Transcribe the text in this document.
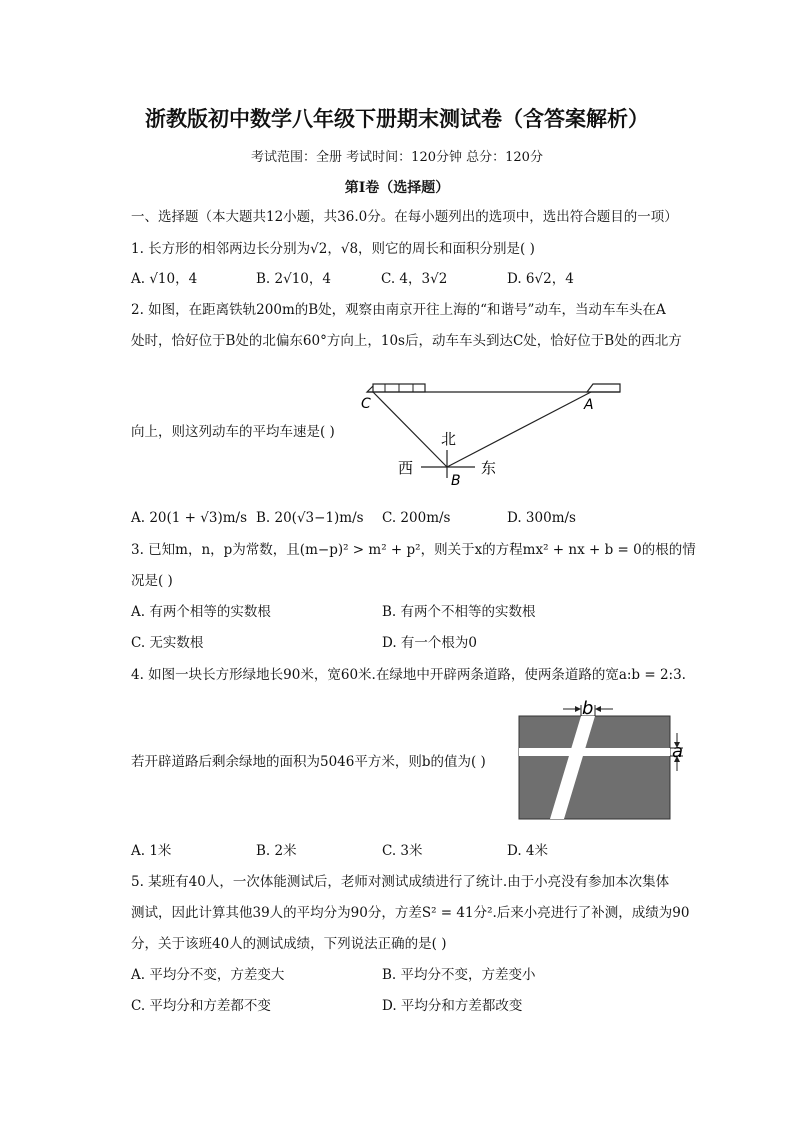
浙教版初中数学八年级下册期末测试卷（含答案解析）
考试范围：全册 考试时间：120分钟 总分：120分
第Ⅰ卷（选择题）
一、选择题（本大题共12小题，共36.0分。在每小题列出的选项中，选出符合题目的一项）
1. 长方形的相邻两边长分别为√2，√8，则它的周长和面积分别是( )
A. √10，4	B. 2√10，4	C. 4，3√2	D. 6√2，4
2. 如图，在距离铁轨200m的B处，观察由南京开往上海的“和谐号”动车，当动车车头在A
处时，恰好位于B处的北偏东60°方向上，10s后，动车车头到达C处，恰好位于B处的西北方
向上，则这列动车的平均车速是( )
C	A
B
北
西	东
A. 20(1 + √3)m/s B. 20(√3−1)m/s C. 200m/s	D. 300m/s
3. 已知m，n，p为常数，且(m−p)² > m² + p²，则关于x的方程mx² + nx + b = 0的根的情
况是( )
A. 有两个相等的实数根	B. 有两个不相等的实数根
C. 无实数根	D. 有一个根为0
4. 如图一块长方形绿地长90米，宽60米.在绿地中开辟两条道路，使两条道路的宽a:b = 2:3.
若开辟道路后剩余绿地的面积为5046平方米，则b的值为( )
b
a
A. 1米	B. 2米	C. 3米	D. 4米
5. 某班有40人，一次体能测试后，老师对测试成绩进行了统计.由于小亮没有参加本次集体
测试，因此计算其他39人的平均分为90分，方差S² = 41分².后来小亮进行了补测，成绩为90
分，关于该班40人的测试成绩，下列说法正确的是( )
A. 平均分不变，方差变大	B. 平均分不变，方差变小
C. 平均分和方差都不变	D. 平均分和方差都改变
